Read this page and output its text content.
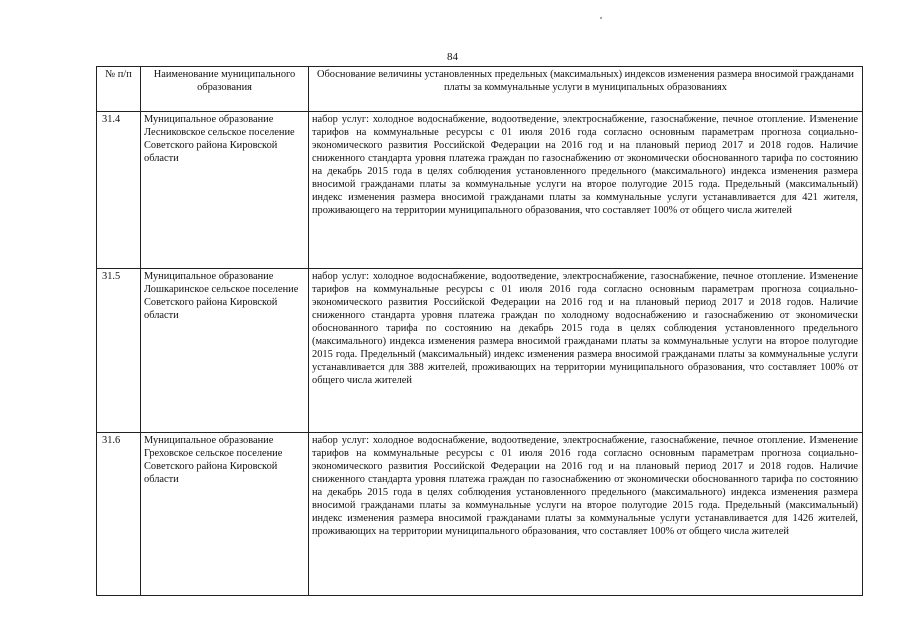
84
№ п/п	Наименование муниципального образования	Обоснование величины установленных предельных (максимальных) индексов изменения размера вносимой гражданами платы за коммунальные услуги в муниципальных образованиях
31.4	Муниципальное образование Лесниковское сельское поселение Советского района Кировской области	набор услуг: холодное водоснабжение, водоотведение, электроснабжение, газоснабжение, печное отопление. Изменение тарифов на коммунальные ресурсы с 01 июля 2016 года согласно основным параметрам прогноза социально-экономического развития Российской Федерации на 2016 год и на плановый период 2017 и 2018 годов. Наличие сниженного стандарта уровня платежа граждан по газоснабжению от экономически обоснованного тарифа по состоянию на декабрь 2015 года в целях соблюдения установленного предельного (максимального) индекса изменения размера вносимой гражданами платы за коммунальные услуги на второе полугодие 2015 года. Предельный (максимальный) индекс изменения размера вносимой гражданами платы за коммунальные услуги устанавливается для 421 жителя, проживающего на территории муниципального образования, что составляет 100% от общего числа жителей
31.5	Муниципальное образование Лошкаринское сельское поселение Советского района Кировской области	набор услуг: холодное водоснабжение, водоотведение, электроснабжение, газоснабжение, печное отопление. Изменение тарифов на коммунальные ресурсы с 01 июля 2016 года согласно основным параметрам прогноза социально-экономического развития Российской Федерации на 2016 год и на плановый период 2017 и 2018 годов. Наличие сниженного стандарта уровня платежа граждан по холодному водоснабжению и газоснабжению от экономически обоснованного тарифа по состоянию на декабрь 2015 года в целях соблюдения установленного предельного (максимального) индекса изменения размера вносимой гражданами платы за коммунальные услуги на второе полугодие 2015 года. Предельный (максимальный) индекс изменения размера вносимой гражданами платы за коммунальные услуги устанавливается для 388 жителей, проживающих на территории муниципального образования, что составляет 100% от общего числа жителей
31.6	Муниципальное образование Греховское сельское поселение Советского района Кировской области	набор услуг: холодное водоснабжение, водоотведение, электроснабжение, газоснабжение, печное отопление. Изменение тарифов на коммунальные ресурсы с 01 июля 2016 года согласно основным параметрам прогноза социально-экономического развития Российской Федерации на 2016 год и на плановый период 2017 и 2018 годов. Наличие сниженного стандарта уровня платежа граждан по газоснабжению от экономически обоснованного тарифа по состоянию на декабрь 2015 года в целях соблюдения установленного предельного (максимального) индекса изменения размера вносимой гражданами платы за коммунальные услуги на второе полугодие 2015 года. Предельный (максимальный) индекс изменения размера вносимой гражданами платы за коммунальные услуги устанавливается для 1426 жителей, проживающих на территории муниципального образования, что составляет 100% от общего числа жителей
